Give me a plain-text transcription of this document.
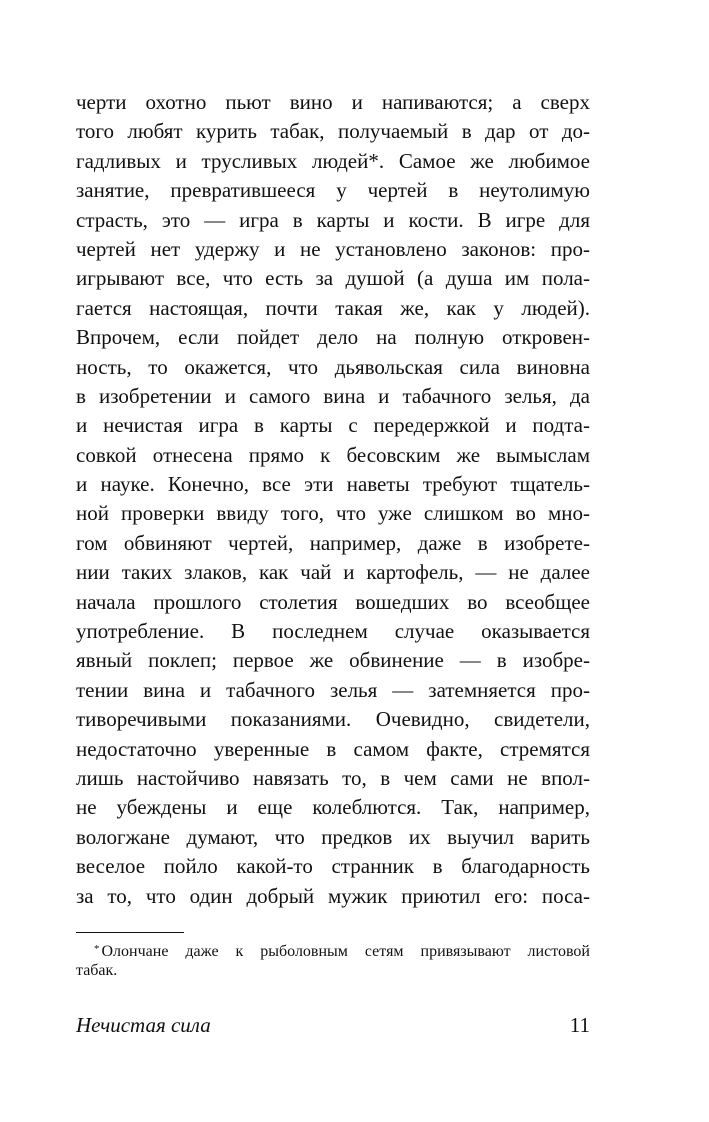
черти охотно пьют вино и напиваются; а сверх
того любят курить табак, получаемый в дар от до-
гадливых и трусливых людей*. Самое же любимое
занятие, превратившееся у чертей в неутолимую
страсть, это — игра в карты и кости. В игре для
чертей нет удержу и не установлено законов: про-
игрывают все, что есть за душой (а душа им пола-
гается настоящая, почти такая же, как у людей).
Впрочем, если пойдет дело на полную откровен-
ность, то окажется, что дьявольская сила виновна
в изобретении и самого вина и табачного зелья, да
и нечистая игра в карты с передержкой и подта-
совкой отнесена прямо к бесовским же вымыслам
и науке. Конечно, все эти наветы требуют тщатель-
ной проверки ввиду того, что уже слишком во мно-
гом обвиняют чертей, например, даже в изобрете-
нии таких злаков, как чай и картофель, — не далее
начала прошлого столетия вошедших во всеобщее
употребление. В последнем случае оказывается
явный поклеп; первое же обвинение — в изобре-
тении вина и табачного зелья — затемняется про-
тиворечивыми показаниями. Очевидно, свидетели,
недостаточно уверенные в самом факте, стремятся
лишь настойчиво навязать то, в чем сами не впол-
не убеждены и еще колеблются. Так, например,
вологжане думают, что предков их выучил варить
веселое пойло какой-то странник в благодарность
за то, что один добрый мужик приютил его: поса-
* Олончане даже к рыболовным сетям привязывают листовой
табак.
Нечистая сила	11
